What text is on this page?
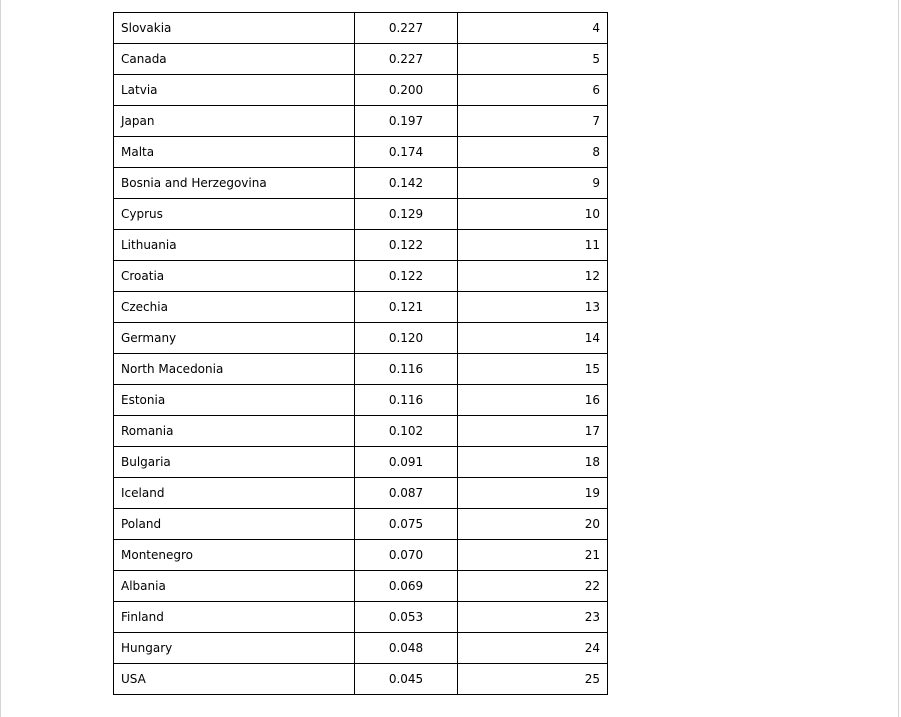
Slovakia	0.227	4
Canada	0.227	5
Latvia	0.200	6
Japan	0.197	7
Malta	0.174	8
Bosnia and Herzegovina	0.142	9
Cyprus	0.129	10
Lithuania	0.122	11
Croatia	0.122	12
Czechia	0.121	13
Germany	0.120	14
North Macedonia	0.116	15
Estonia	0.116	16
Romania	0.102	17
Bulgaria	0.091	18
Iceland	0.087	19
Poland	0.075	20
Montenegro	0.070	21
Albania	0.069	22
Finland	0.053	23
Hungary	0.048	24
USA	0.045	25
